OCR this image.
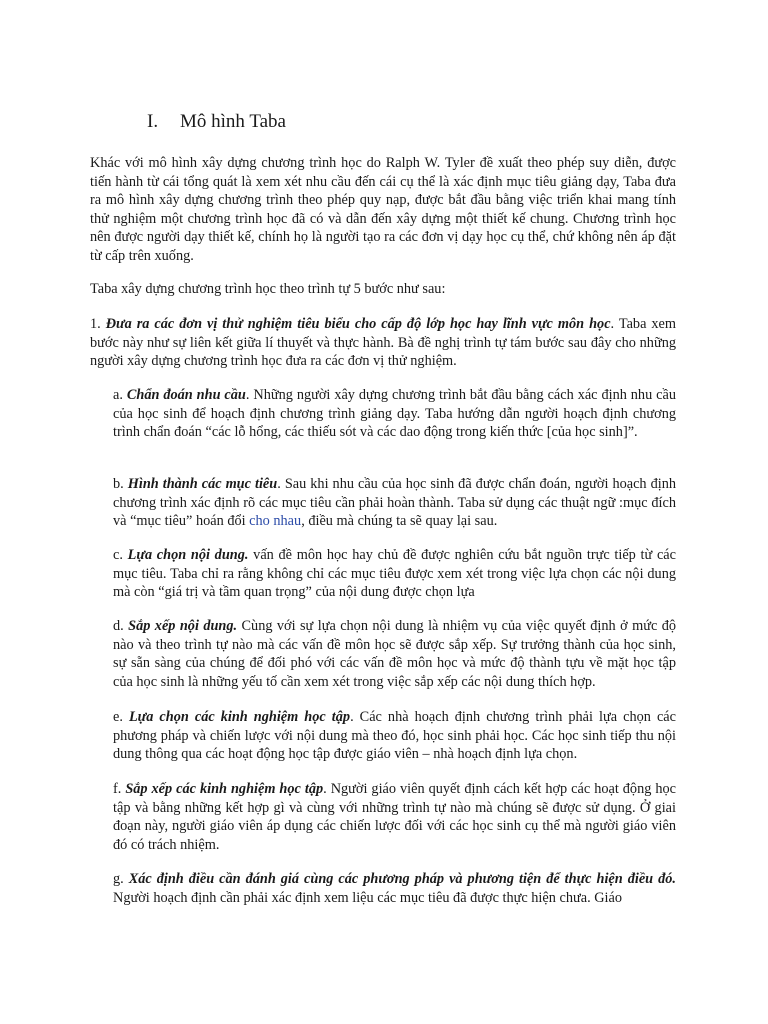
I. Mô hình Taba

Khác với mô hình xây dựng chương trình học do Ralph W. Tyler đề xuất theo phép suy diễn, được tiến hành từ cái tổng quát là xem xét nhu cầu đến cái cụ thể là xác định mục tiêu giảng dạy, Taba đưa ra mô hình xây dựng chương trình theo phép quy nạp, được bắt đầu bằng việc triển khai mang tính thử nghiệm một chương trình học đã có và dẫn đến xây dựng một thiết kế chung. Chương trình học nên được người dạy thiết kế, chính họ là người tạo ra các đơn vị dạy học cụ thể, chứ không nên áp đặt từ cấp trên xuống.

Taba xây dựng chương trình học theo trình tự 5 bước như sau:

1. Đưa ra các đơn vị thử nghiệm tiêu biểu cho cấp độ lớp học hay lĩnh vực môn học. Taba xem bước này như sự liên kết giữa lí thuyết và thực hành. Bà đề nghị trình tự tám bước sau đây cho những người xây dựng chương trình học đưa ra các đơn vị thử nghiệm.

a. Chẩn đoán nhu cầu. Những người xây dựng chương trình bắt đầu bằng cách xác định nhu cầu của học sinh để hoạch định chương trình giảng dạy. Taba hướng dẫn người hoạch định chương trình chẩn đoán “các lỗ hổng, các thiếu sót và các dao động trong kiến thức [của học sinh]”.

b. Hình thành các mục tiêu. Sau khi nhu cầu của học sinh đã được chẩn đoán, người hoạch định chương trình xác định rõ các mục tiêu cần phải hoàn thành. Taba sử dụng các thuật ngữ :mục đích và “mục tiêu” hoán đổi cho nhau, điều mà chúng ta sẽ quay lại sau.

c. Lựa chọn nội dung. vấn đề môn học hay chủ đề được nghiên cứu bắt nguồn trực tiếp từ các mục tiêu. Taba chỉ ra rằng không chỉ các mục tiêu được xem xét trong việc lựa chọn các nội dung mà còn “giá trị và tầm quan trọng” của nội dung được chọn lựa

d. Sắp xếp nội dung. Cùng với sự lựa chọn nội dung là nhiệm vụ của việc quyết định ở mức độ nào và theo trình tự nào mà các vấn đề môn học sẽ được sắp xếp. Sự trưởng thành của học sinh, sự sẵn sàng của chúng để đối phó với các vấn đề môn học và mức độ thành tựu về mặt học tập của học sinh là những yếu tố cần xem xét trong việc sắp xếp các nội dung thích hợp.

e. Lựa chọn các kinh nghiệm học tập. Các nhà hoạch định chương trình phải lựa chọn các phương pháp và chiến lược với nội dung mà theo đó, học sinh phải học. Các học sinh tiếp thu nội dung thông qua các hoạt động học tập được giáo viên – nhà hoạch định lựa chọn.

f. Sắp xếp các kinh nghiệm học tập. Người giáo viên quyết định cách kết hợp các hoạt động học tập và bằng những kết hợp gì và cùng với những trình tự nào mà chúng sẽ được sử dụng. Ở giai đoạn này, người giáo viên áp dụng các chiến lược đối với các học sinh cụ thể mà người giáo viên đó có trách nhiệm.

g. Xác định điều cần đánh giá cùng các phương pháp và phương tiện để thực hiện điều đó. Người hoạch định cần phải xác định xem liệu các mục tiêu đã được thực hiện chưa. Giáo
